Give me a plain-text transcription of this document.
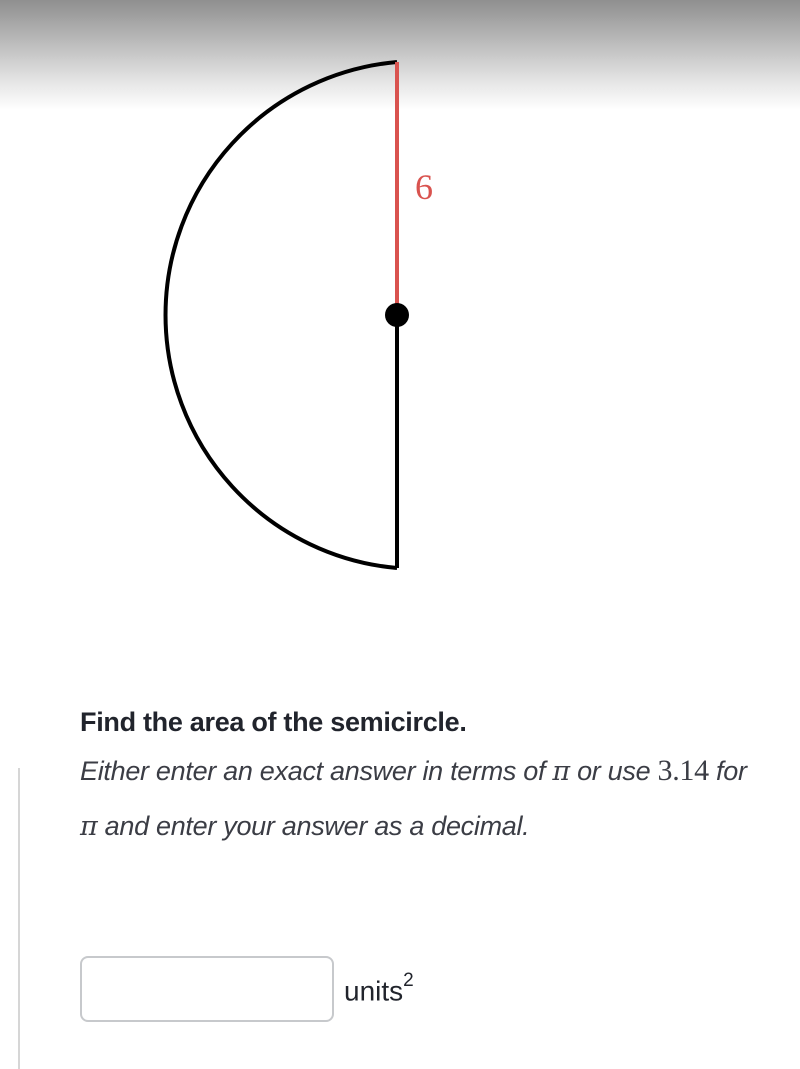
6

Find the area of the semicircle.

Either enter an exact answer in terms of π or use 3.14 for π and enter your answer as a decimal.

units$^2$
